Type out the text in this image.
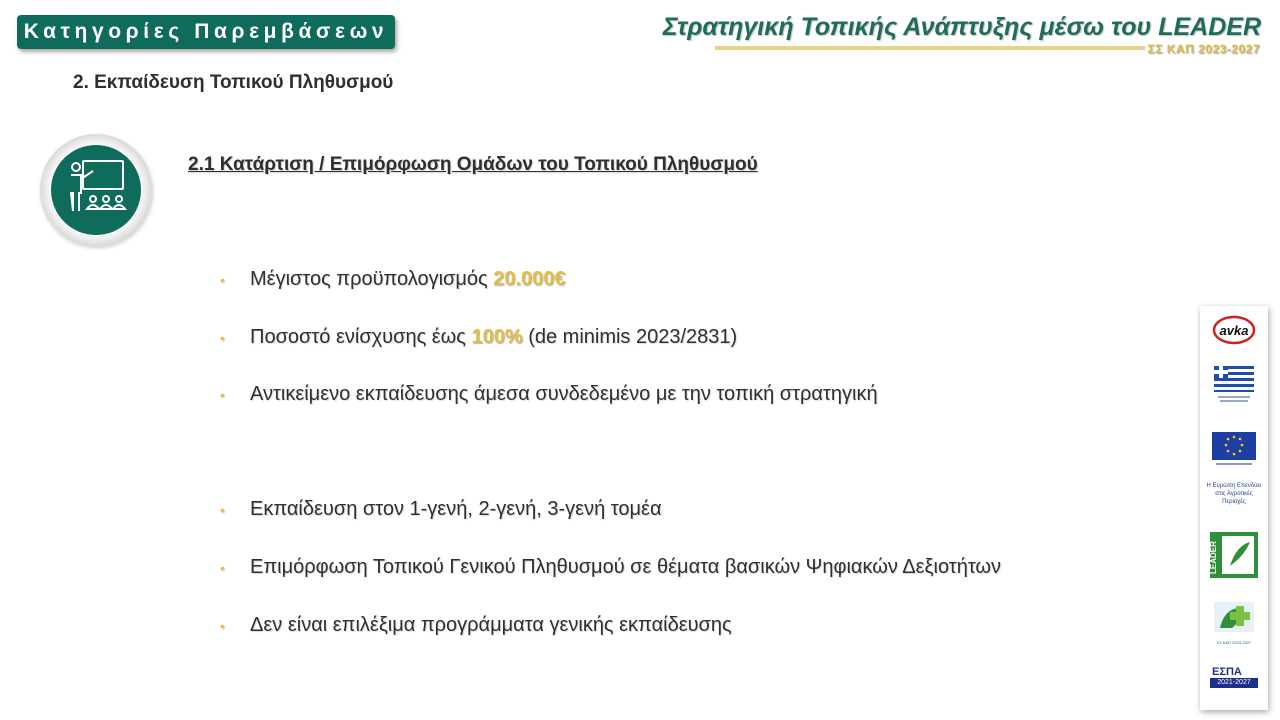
Κατηγορίες Παρεμβάσεων	Στρατηγική Τοπικής Ανάπτυξης μέσω του LEADER
ΣΣ ΚΑΠ 2023-2027
2. Εκπαίδευση Τοπικού Πληθυσμού
2.1 Κατάρτιση / Επιμόρφωση Ομάδων του Τοπικού Πληθυσμού
• Μέγιστος προϋπολογισμός 20.000€
• Ποσοστό ενίσχυσης έως 100% (de minimis 2023/2831)
• Αντικείμενο εκπαίδευσης άμεσα συνδεδεμένο με την τοπική στρατηγική
• Εκπαίδευση στον 1-γενή, 2-γενή, 3-γενή τομέα
• Επιμόρφωση Τοπικού Γενικού Πληθυσμού σε θέματα βασικών Ψηφιακών Δεξιοτήτων
• Δεν είναι επιλέξιμα προγράμματα γενικής εκπαίδευσης
avka
Η Ευρώπη Επενδύει στις Αγροτικές Περιοχές
LEADER
ΣΣ ΚΑΠ 2023-2027
ΕΣΠΑ
2021-2027
